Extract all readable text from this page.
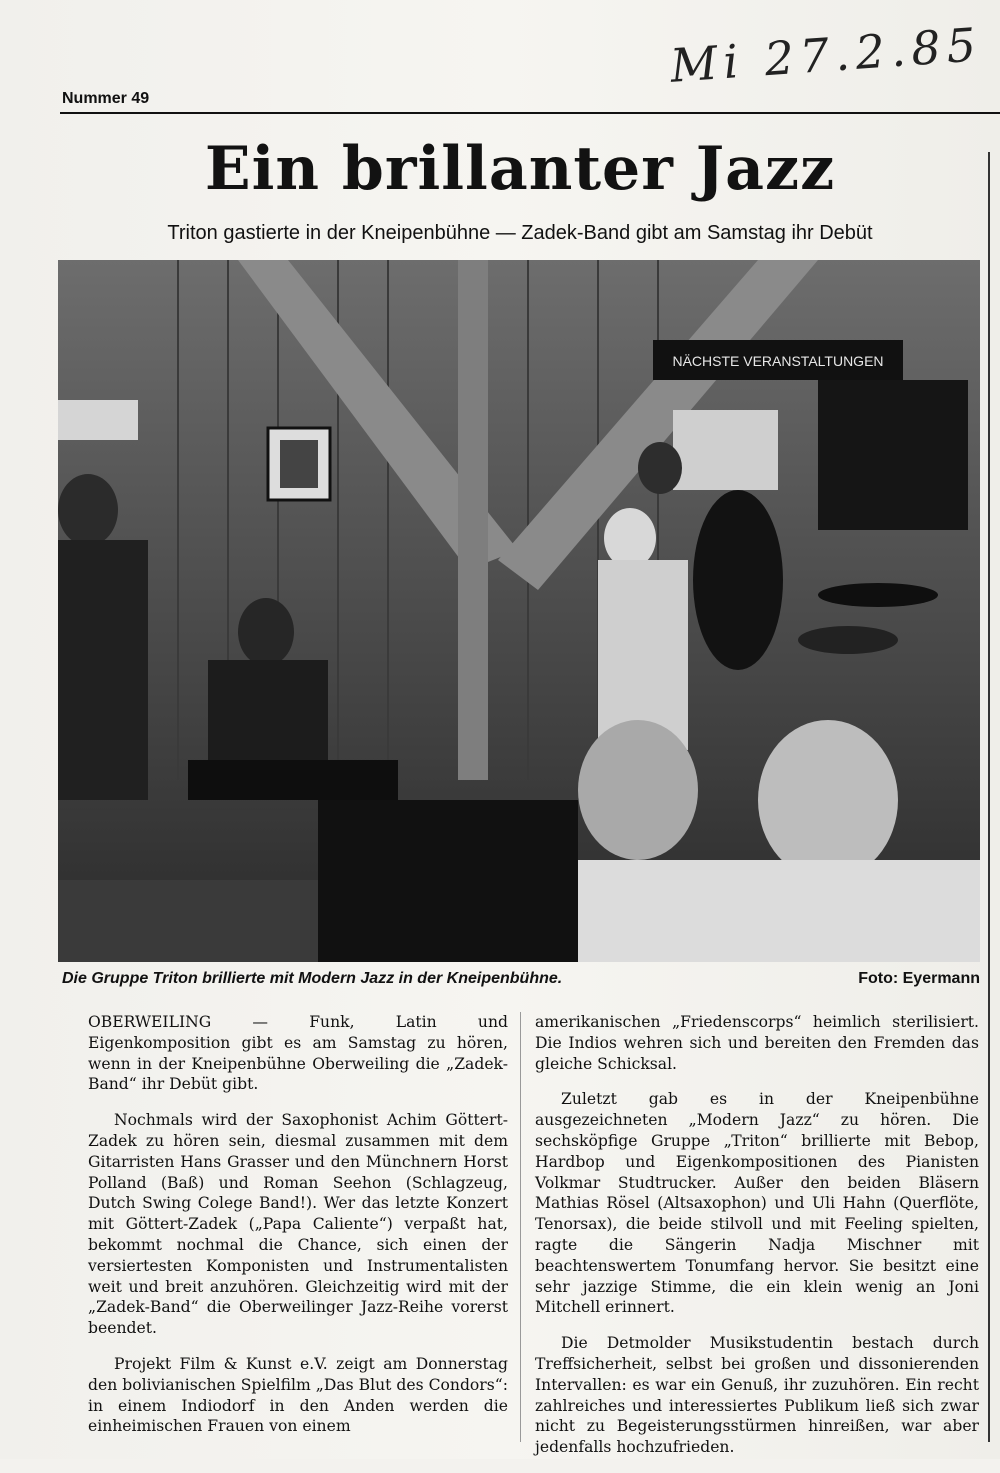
Mi 27.2.85
Nummer 49
Ein brillanter Jazz
Triton gastierte in der Kneipenbühne — Zadek-Band gibt am Samstag ihr Debüt
NÄCHSTE VERANSTALTUNGEN
Die Gruppe Triton brillierte mit Modern Jazz in der Kneipenbühne.	Foto: Eyermann

OBERWEILING — Funk, Latin und Eigenkomposition gibt es am Samstag zu hören, wenn in der Kneipenbühne Oberweiling die „Zadek-Band“ ihr Debüt gibt.

Nochmals wird der Saxophonist Achim Göttert-Zadek zu hören sein, diesmal zusammen mit dem Gitarristen Hans Grasser und den Münchnern Horst Polland (Baß) und Roman Seehon (Schlagzeug, Dutch Swing Colege Band!). Wer das letzte Konzert mit Göttert-Zadek („Papa Caliente“) verpaßt hat, bekommt nochmal die Chance, sich einen der versiertesten Komponisten und Instrumentalisten weit und breit anzuhören. Gleichzeitig wird mit der „Zadek-Band“ die Oberweilinger Jazz-Reihe vorerst beendet.

Projekt Film & Kunst e.V. zeigt am Donnerstag den bolivianischen Spielfilm „Das Blut des Condors“: in einem Indiodorf in den Anden werden die einheimischen Frauen von einem

amerikanischen „Friedenscorps“ heimlich sterilisiert. Die Indios wehren sich und bereiten den Fremden das gleiche Schicksal.

Zuletzt gab es in der Kneipenbühne ausgezeichneten „Modern Jazz“ zu hören. Die sechsköpfige Gruppe „Triton“ brillierte mit Bebop, Hardbop und Eigenkompositionen des Pianisten Volkmar Studtrucker. Außer den beiden Bläsern Mathias Rösel (Altsaxophon) und Uli Hahn (Querflöte, Tenorsax), die beide stilvoll und mit Feeling spielten, ragte die Sängerin Nadja Mischner mit beachtenswertem Tonumfang hervor. Sie besitzt eine sehr jazzige Stimme, die ein klein wenig an Joni Mitchell erinnert.

Die Detmolder Musikstudentin bestach durch Treffsicherheit, selbst bei großen und dissonierenden Intervallen: es war ein Genuß, ihr zuzuhören. Ein recht zahlreiches und interessiertes Publikum ließ sich zwar nicht zu Begeisterungsstürmen hinreißen, war aber jedenfalls hochzufrieden.
